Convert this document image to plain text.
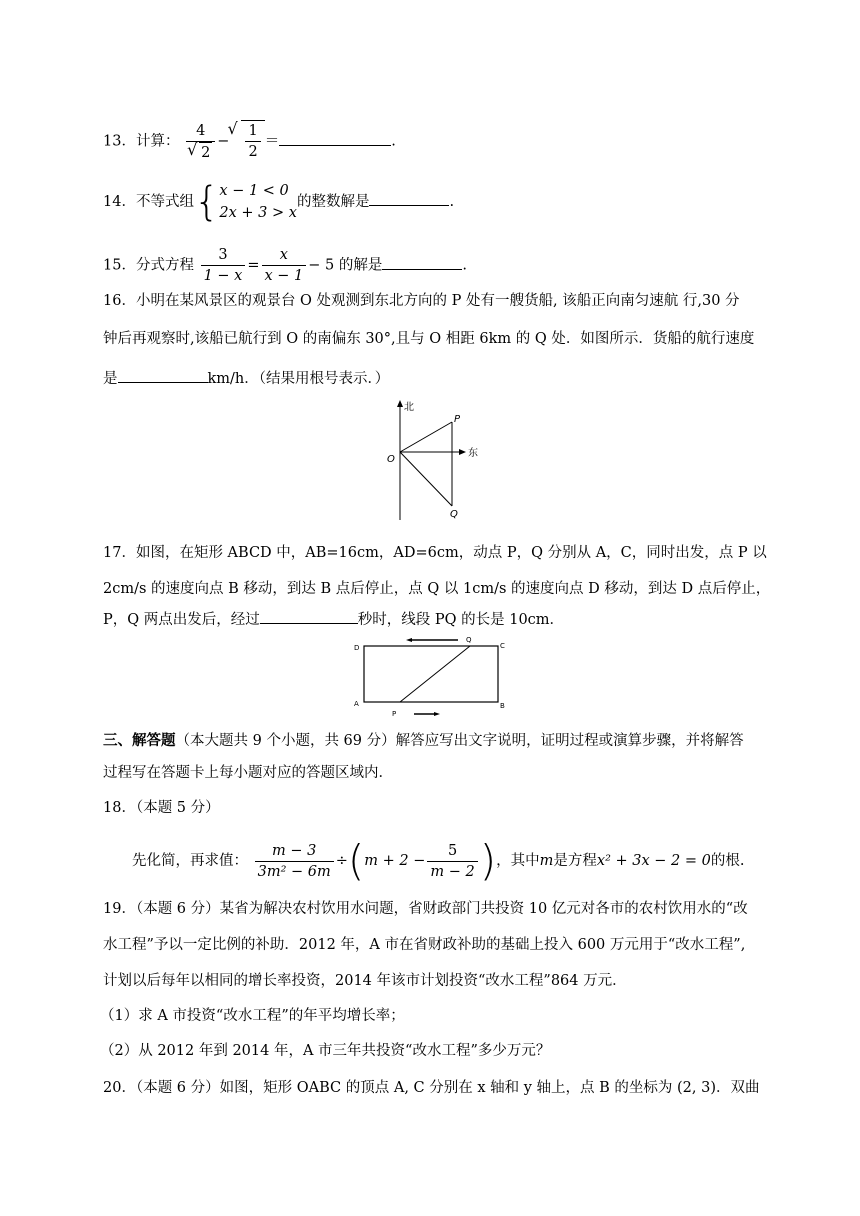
13．计算： 4
√ 2 −
√ $\frac{1}{2}$ ＝	.
14．不等式组{ x − 1 < 0
2x + 3 > x
的整数解是	.
15．分式方程 $\frac{3}{1 - x} = \frac{x}{x - 1} - 5$ 的解是	.
16．小明在某风景区的观景台 O 处观测到东北方向的 P 处有一艘货船, 该船正向南匀速航 行,30 分
钟后再观察时,该船已航行到 O 的南偏东 30°,且与 O 相距 6km 的 Q 处．如图所示．货船的航行速度
是	km/h．（结果用根号表示．）
北
东
O
P
Q
17．如图，在矩形 ABCD 中，AB=16cm，AD=6cm，动点 P，Q 分别从 A，C，同时出发，点 P 以
2cm/s 的速度向点 B 移动，到达 B 点后停止，点 Q 以 1cm/s 的速度向点 D 移动，到达 D 点后停止，
P，Q 两点出发后，经过	秒时，线段 PQ 的长是 10cm．
D	C
A	B
Q
P
三、解答题（本大题共 9 个小题，共 69 分）解答应写出文字说明，证明过程或演算步骤，并将解答
过程写在答题卡上每小题对应的答题区域内．
18．（本题 5 分）
先化简，再求值： $\frac{m - 3}{\text{3m² − 6m}} \div(m + 2 - \frac{5}{m - 2}$ )，其中m是方程x² + 3x − 2 = 0的根.
19．（本题 6 分）某省为解决农村饮用水问题，省财政部门共投资 10 亿元对各市的农村饮用水的“改
水工程”予以一定比例的补助．2012 年，A 市在省财政补助的基础上投入 600 万元用于“改水工程”,
计划以后每年以相同的增长率投资，2014 年该市计划投资“改水工程”864 万元．
（1）求 A 市投资“改水工程”的年平均增长率；
（2）从 2012 年到 2014 年，A 市三年共投资“改水工程”多少万元？
20．（本题 6 分）如图，矩形 OABC 的顶点 A, C 分别在 x 轴和 y 轴上，点 B 的坐标为 (2, 3)．双曲
